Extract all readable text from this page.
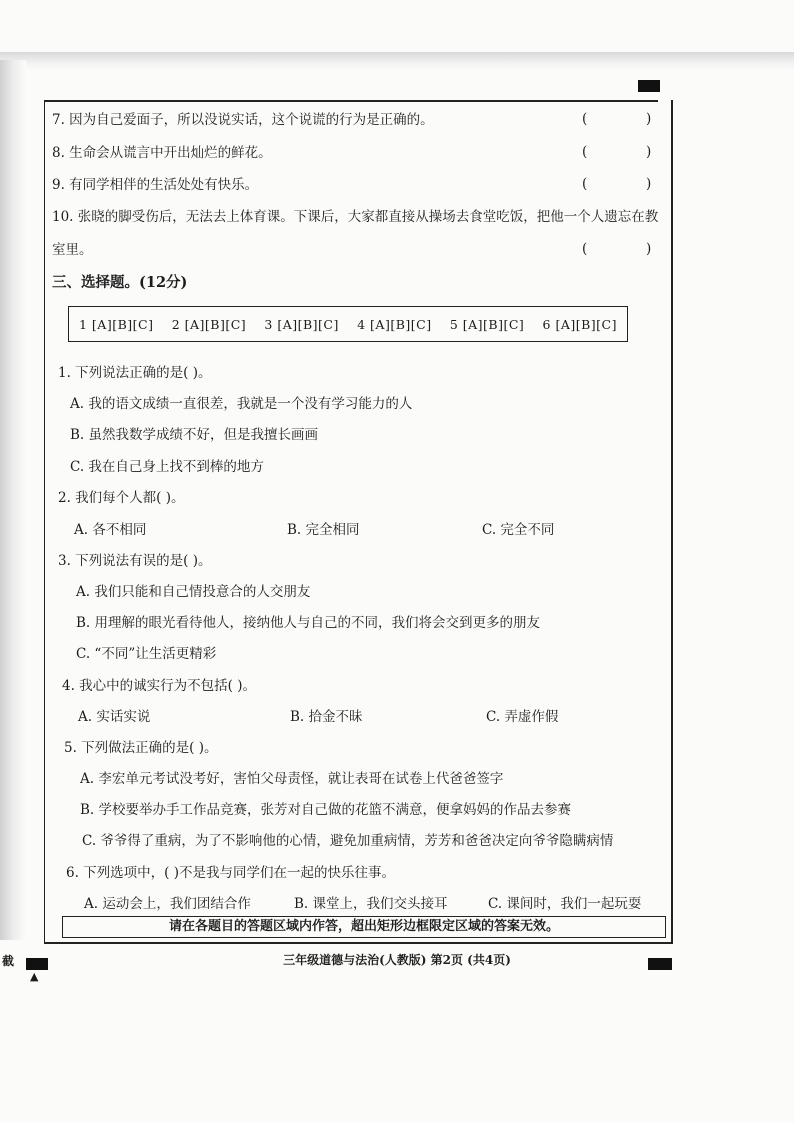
7. 因为自己爱面子，所以没说实话，这个说谎的行为是正确的。	(	)
8. 生命会从谎言中开出灿烂的鲜花。	(	)
9. 有同学相伴的生活处处有快乐。	(	)
10. 张晓的脚受伤后，无法去上体育课。下课后，大家都直接从操场去食堂吃饭，把他一个人遗忘在教
室里。	(	)
三、选择题。(12分)
1 [A][B][C] 2 [A][B][C] 3 [A][B][C] 4 [A][B][C] 5 [A][B][C] 6 [A][B][C]
1. 下列说法正确的是( )。
A. 我的语文成绩一直很差，我就是一个没有学习能力的人
B. 虽然我数学成绩不好，但是我擅长画画
C. 我在自己身上找不到棒的地方
2. 我们每个人都( )。
A. 各不相同	B. 完全相同	C. 完全不同
3. 下列说法有误的是( )。
A. 我们只能和自己情投意合的人交朋友
B. 用理解的眼光看待他人，接纳他人与自己的不同，我们将会交到更多的朋友
C. “不同”让生活更精彩
4. 我心中的诚实行为不包括( )。
A. 实话实说	B. 拾金不昧	C. 弄虚作假
5. 下列做法正确的是( )。
A. 李宏单元考试没考好，害怕父母责怪，就让表哥在试卷上代爸爸签字
B. 学校要举办手工作品竞赛，张芳对自己做的花篮不满意，便拿妈妈的作品去参赛
C. 爷爷得了重病，为了不影响他的心情，避免加重病情，芳芳和爸爸决定向爷爷隐瞒病情
6. 下列选项中，( )不是我与同学们在一起的快乐往事。
A. 运动会上，我们团结合作	B. 课堂上，我们交头接耳	C. 课间时，我们一起玩耍
请在各题目的答题区域内作答，超出矩形边框限定区域的答案无效。
截
▲
三年级道德与法治(人教版) 第2页 (共4页)
